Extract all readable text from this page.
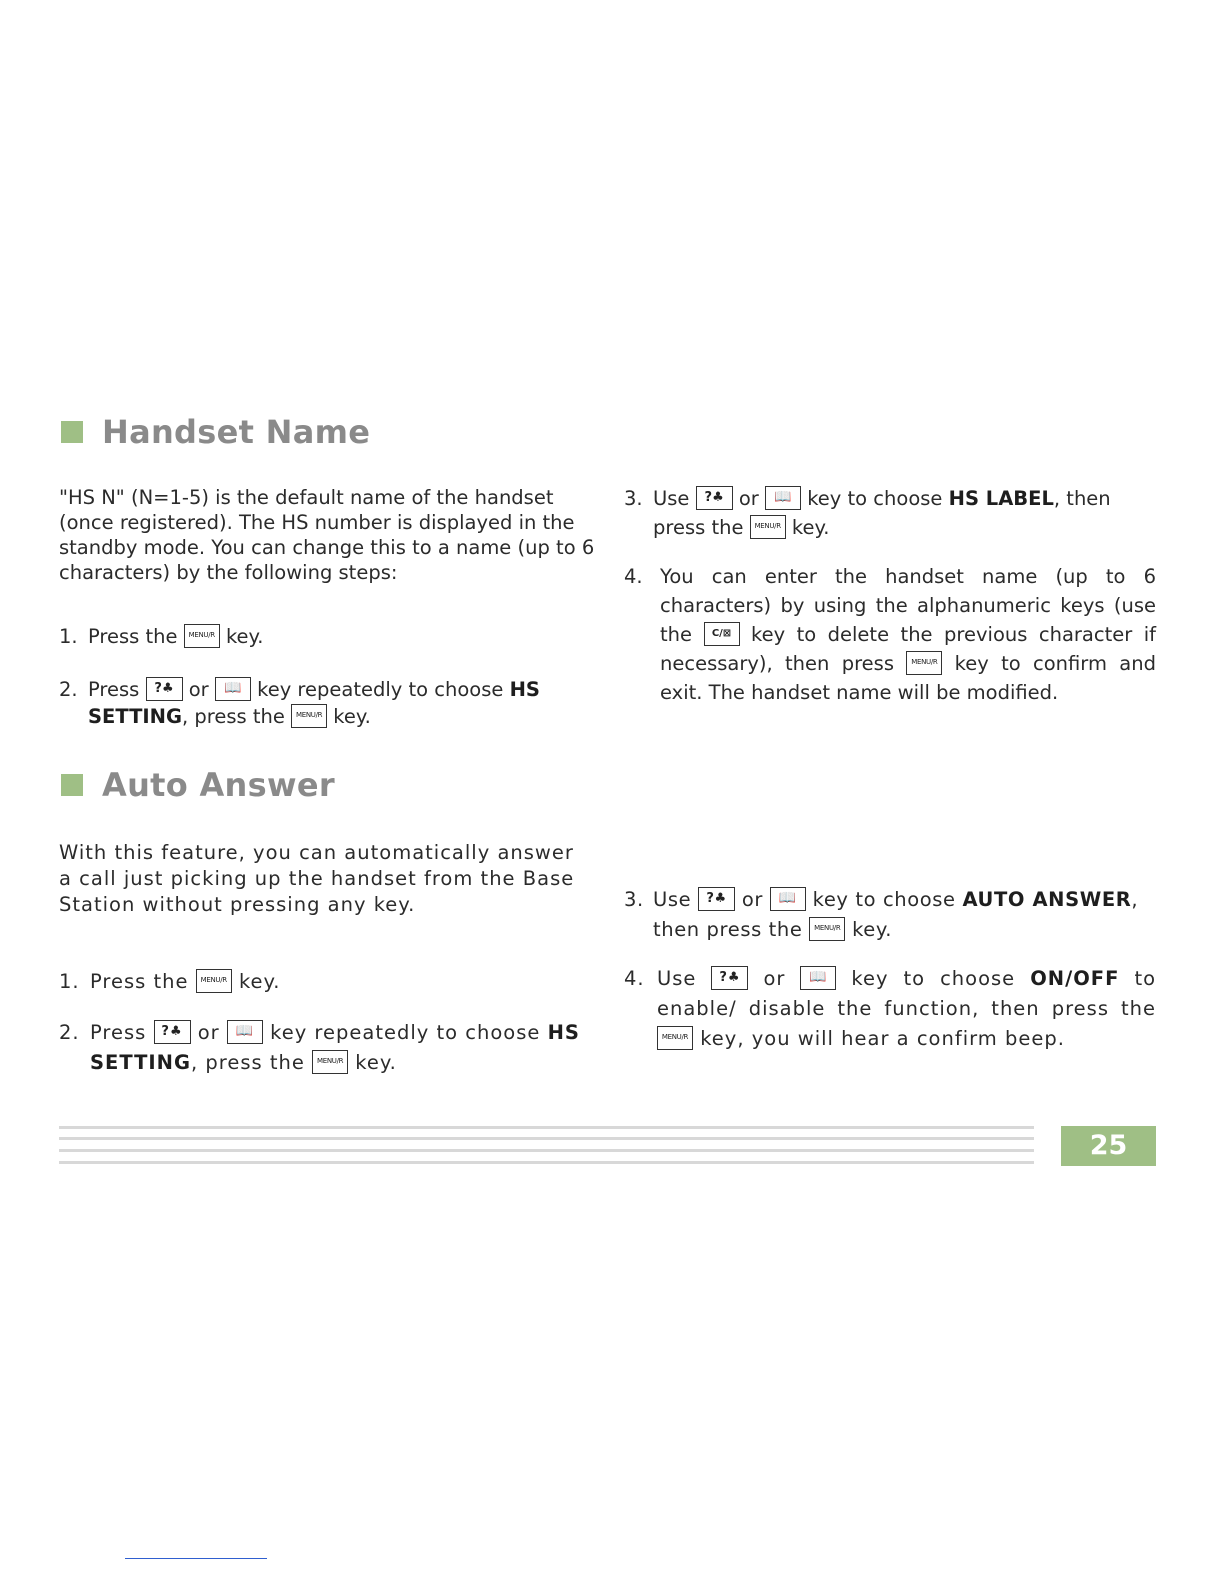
Handset Name

"HS N" (N=1-5) is the default name of the handset (once registered). The HS number is displayed in the standby mode. You can change this to a name (up to 6 characters) by the following steps:

1. Press the MENU/R key.
2. Press ?♣ or 📖 key repeatedly to choose HS SETTING, press the MENU/R key.
3. Use ?♣ or 📖 key to choose HS LABEL, then press the MENU/R key.
4. You can enter the handset name (up to 6 characters) by using the alphanumeric keys (use the C/⊠ key to delete the previous character if necessary), then press MENU/R key to confirm and exit. The handset name will be modified.
Auto Answer

With this feature, you can automatically answer a call just picking up the handset from the Base Station without pressing any key.

1. Press the MENU/R key.
2. Press ?♣ or 📖 key repeatedly to choose HS SETTING, press the MENU/R key.
3. Use ?♣ or 📖 key to choose AUTO ANSWER, then press the MENU/R key.
4. Use ?♣ or 📖 key to choose ON/OFF to enable/ disable the function, then press the MENU/R key, you will hear a confirm beep.
25
